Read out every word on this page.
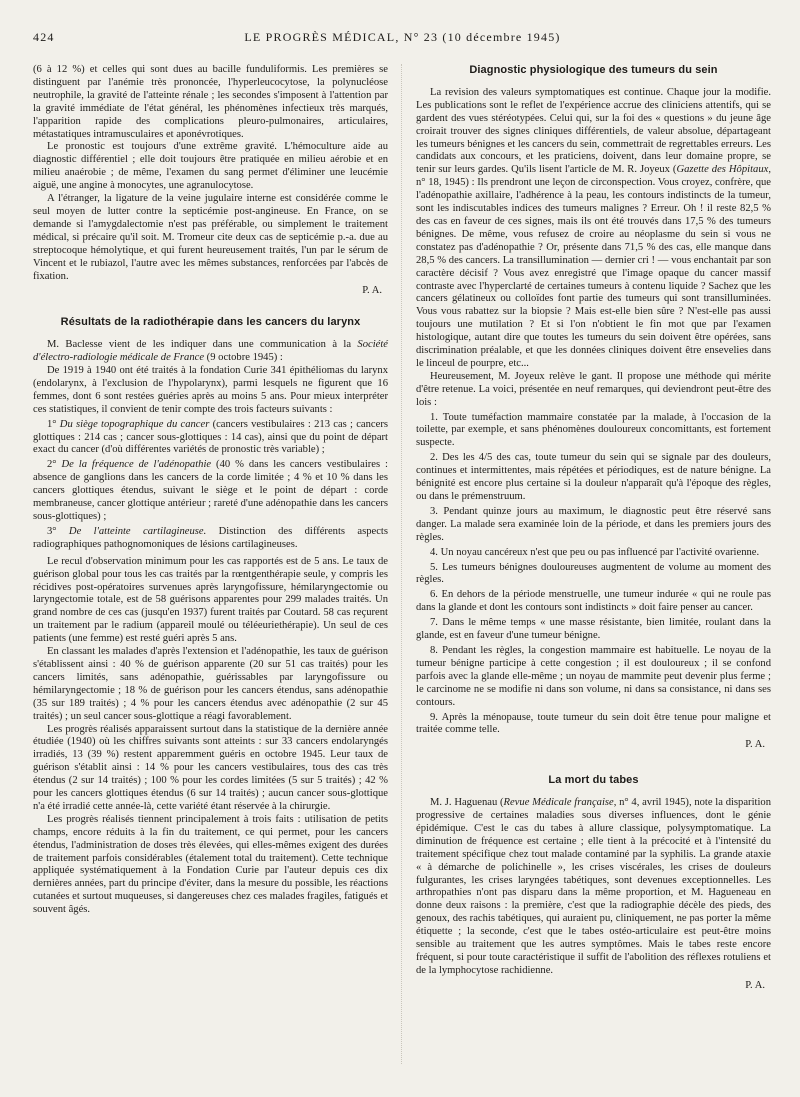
424	LE PROGRÈS MÉDICAL, N° 23 (10 décembre 1945)

(6 à 12 %) et celles qui sont dues au bacille funduliformis. Les premières se distinguent par l'anémie très prononcée, l'hyperleucocytose, la polynucléose neutrophile, la gravité de l'atteinte rénale ; les secondes s'imposent à l'attention par la gravité immédiate de l'état général, les phénomènes infectieux très marqués, l'apparition rapide des complications pleuro-pulmonaires, articulaires, métastatiques intramusculaires et aponévrotiques.

Le pronostic est toujours d'une extrême gravité. L'hémoculture aide au diagnostic différentiel ; elle doit toujours être pratiquée en milieu aérobie et en milieu anaérobie ; de même, l'examen du sang permet d'éliminer une leucémie aiguë, une angine à monocytes, une agranulocytose.

A l'étranger, la ligature de la veine jugulaire interne est considérée comme le seul moyen de lutter contre la septicémie post-angineuse. En France, on se demande si l'amygdalectomie n'est pas préférable, ou simplement le traitement médical, si précaire qu'il soit. M. Tromeur cite deux cas de septicémie p.-a. due au streptocoque hémolytique, et qui furent heureusement traités, l'un par le sérum de Vincent et le rubiazol, l'autre avec les mêmes substances, renforcées par l'abcès de fixation.

P. A.

Résultats de la radiothérapie dans les cancers du larynx

M. Baclesse vient de les indiquer dans une communication à la Société d'électro-radiologie médicale de France (9 octobre 1945) :

De 1919 à 1940 ont été traités à la fondation Curie 341 épithéliomas du larynx (endolarynx, à l'exclusion de l'hypolarynx), parmi lesquels ne figurent que 16 femmes, dont 6 sont restées guéries après au moins 5 ans. Pour mieux interpréter ces statistiques, il convient de tenir compte des trois facteurs suivants :

1° Du siège topographique du cancer (cancers vestibulaires : 213 cas ; cancers glottiques : 214 cas ; cancer sous-glottiques : 14 cas), ainsi que du point de départ exact du cancer (d'où différentes variétés de pronostic très variable) ;

2° De la fréquence de l'adénopathie (40 % dans les cancers vestibulaires : absence de ganglions dans les cancers de la corde limitée ; 4 % et 10 % dans les cancers glottiques étendus, suivant le siège et le point de départ : corde membraneuse, cancer glottique antérieur ; rareté d'une adénopathie dans les cancers sous-glottiques) ;

3° De l'atteinte cartilagineuse. Distinction des différents aspects radiographiques pathognomoniques de lésions cartilagineuses.

Le recul d'observation minimum pour les cas rapportés est de 5 ans. Le taux de guérison global pour tous les cas traités par la rœntgenthérapie seule, y compris les récidives post-opératoires survenues après laryngofissure, hémilaryngectomie ou laryngectomie totale, est de 58 guérisons apparentes pour 299 malades traités. Un grand nombre de ces cas (jusqu'en 1937) furent traités par Coutard. 58 cas reçurent un traitement par le radium (appareil moulé ou téléeuriethérapie). Un seul de ces patients (une femme) est resté guéri après 5 ans.

En classant les malades d'après l'extension et l'adénopathie, les taux de guérison s'établissent ainsi : 40 % de guérison apparente (20 sur 51 cas traités) pour les cancers limités, sans adénopathie, guérissables par laryngofissure ou hémilaryngectomie ; 18 % de guérison pour les cancers étendus, sans adénopathie (35 sur 189 traités) ; 4 % pour les cancers étendus avec adénopathie (2 sur 45 traités) ; un seul cancer sous-glottique a réagi favorablement.

Les progrès réalisés apparaissent surtout dans la statistique de la dernière année étudiée (1940) où les chiffres suivants sont atteints : sur 33 cancers endolaryngés irradiés, 13 (39 %) restent apparemment guéris en octobre 1945. Leur taux de guérison s'établit ainsi : 14 % pour les cancers vestibulaires, tous des cas très étendus (2 sur 14 traités) ; 100 % pour les cordes limitées (5 sur 5 traités) ; 42 % pour les cancers glottiques étendus (6 sur 14 traités) ; aucun cancer sous-glottique n'a été irradié cette année-là, cette variété étant réservée à la chirurgie.

Les progrès réalisés tiennent principalement à trois faits : utilisation de petits champs, encore réduits à la fin du traitement, ce qui permet, pour les cancers étendus, l'administration de doses très élevées, qui elles-mêmes exigent des durées de traitement parfois considérables (étalement total du traitement). Cette technique appliquée systématiquement à la Fondation Curie par l'auteur depuis ces dix dernières années, part du principe d'éviter, dans la mesure du possible, les réactions cutanées et surtout muqueuses, si dangereuses chez ces malades fragiles, fatigués et souvent âgés.

Diagnostic physiologique des tumeurs du sein

La revision des valeurs symptomatiques est continue. Chaque jour la modifie. Les publications sont le reflet de l'expérience accrue des cliniciens attentifs, qui se gardent des vues stéréotypées. Celui qui, sur la foi des « questions » du jeune âge croirait trouver des signes cliniques différentiels, de valeur absolue, départageant les tumeurs bénignes et les cancers du sein, commettrait de regrettables erreurs. Les candidats aux concours, et les praticiens, doivent, dans leur domaine propre, se tenir sur leurs gardes. Qu'ils lisent l'article de M. R. Joyeux (Gazette des Hôpitaux, n° 18, 1945) : Ils prendront une leçon de circonspection. Vous croyez, confrère, que l'adénopathie axillaire, l'adhérence à la peau, les contours indistincts de la tumeur, sont les indiscutables indices des tumeurs malignes ? Erreur. Oh ! il reste 82,5 % des cas en faveur de ces signes, mais ils ont été trouvés dans 17,5 % des tumeurs bénignes. De même, vous refusez de croire au néoplasme du sein si vous ne constatez pas d'adénopathie ? Or, présente dans 71,5 % des cas, elle manque dans 28,5 % des cancers. La transillumination — dernier cri ! — vous enchantait par son caractère décisif ? Vous avez enregistré que l'image opaque du cancer massif contraste avec l'hyperclarté de certaines tumeurs à contenu liquide ? Sachez que les cancers gélatineux ou colloïdes font partie des tumeurs qui sont transilluminées. Vous vous rabattez sur la biopsie ? Mais est-elle bien sûre ? N'est-elle pas aussi toujours une mutilation ? Et si l'on n'obtient le fin mot que par l'examen histologique, autant dire que toutes les tumeurs du sein doivent être opérées, sans discrimination préalable, et que les données cliniques doivent être ensevelies dans le linceul de pourpre, etc...

Heureusement, M. Joyeux relève le gant. Il propose une méthode qui mérite d'être retenue. La voici, présentée en neuf remarques, qui deviendront peut-être des lois :

1. Toute tuméfaction mammaire constatée par la malade, à l'occasion de la toilette, par exemple, et sans phénomènes douloureux concomittants, est fortement suspecte.

2. Des les 4/5 des cas, toute tumeur du sein qui se signale par des douleurs, continues et intermittentes, mais répétées et périodiques, est de nature bénigne. La bénignité est encore plus certaine si la douleur n'apparaît qu'à l'époque des règles, ou dans le prémenstruum.

3. Pendant quinze jours au maximum, le diagnostic peut être réservé sans danger. La malade sera examinée loin de la période, et dans les premiers jours des règles.

4. Un noyau cancéreux n'est que peu ou pas influencé par l'activité ovarienne.

5. Les tumeurs bénignes douloureuses augmentent de volume au moment des règles.

6. En dehors de la période menstruelle, une tumeur indurée « qui ne roule pas dans la glande et dont les contours sont indistincts » doit faire penser au cancer.

7. Dans le même temps « une masse résistante, bien limitée, roulant dans la glande, est en faveur d'une tumeur bénigne.

8. Pendant les règles, la congestion mammaire est habituelle. Le noyau de la tumeur bénigne participe à cette congestion ; il est douloureux ; il se confond parfois avec la glande elle-même ; un noyau de mammite peut devenir plus ferme ; le carcinome ne se modifie ni dans son volume, ni dans sa consistance, ni dans ses contours.

9. Après la ménopause, toute tumeur du sein doit être tenue pour maligne et traitée comme telle.

P. A.

La mort du tabes

M. J. Haguenau (Revue Médicale française, n° 4, avril 1945), note la disparition progressive de certaines maladies sous diverses influences, dont le génie épidémique. C'est le cas du tabes à allure classique, polysymptomatique. La diminution de fréquence est certaine ; elle tient à la précocité et à l'intensité du traitement spécifique chez tout malade contaminé par la syphilis. La grande ataxie « à démarche de polichinelle », les crises viscérales, les crises de douleurs fulgurantes, les crises laryngées tabétiques, sont devenues exceptionnelles. Les arthropathies n'ont pas disparu dans la même proportion, et M. Hagueneau en donne deux raisons : la première, c'est que la radiographie décèle des pieds, des genoux, des rachis tabétiques, qui auraient pu, cliniquement, ne pas porter la même étiquette ; la seconde, c'est que le tabes ostéo-articulaire est peut-être moins sensible au traitement que les autres symptômes. Mais le tabes reste encore fréquent, si pour toute caractéristique il suffit de l'abolition des réflexes rotuliens et de la lymphocytose rachidienne.

P. A.
